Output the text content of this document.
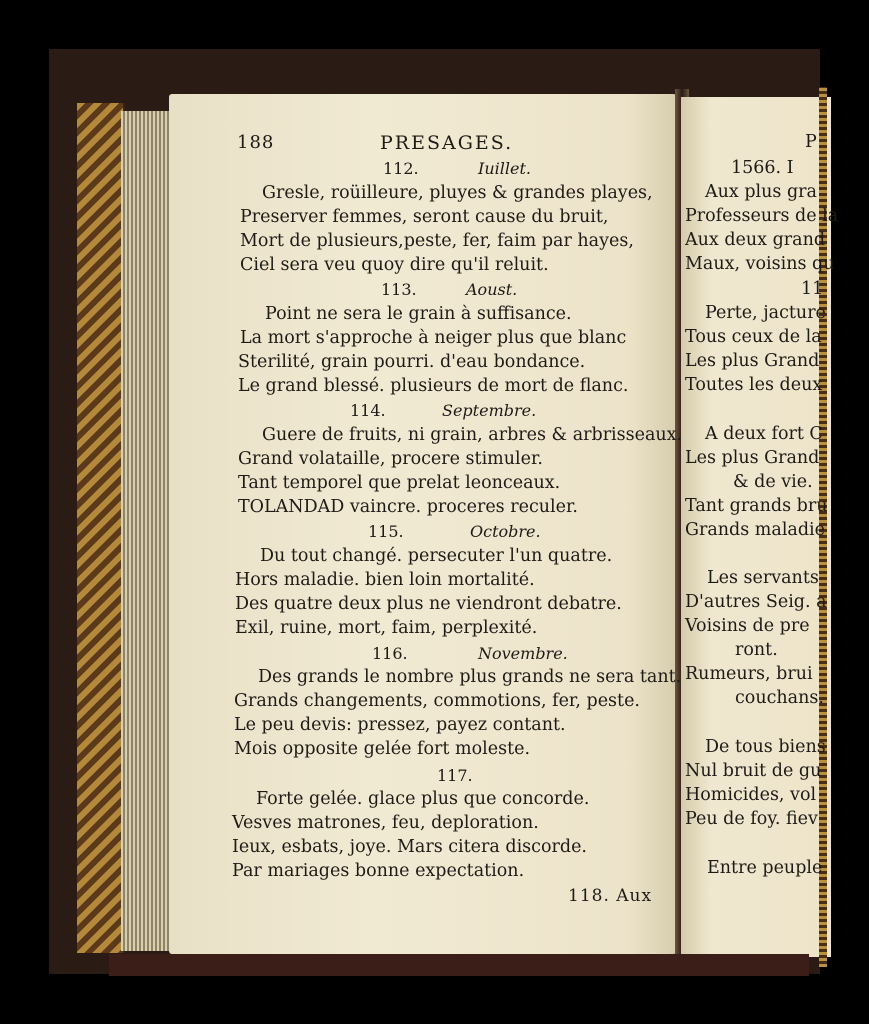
188	PRESAGES.
112.	Iuillet.
Gresle, roüilleure, pluyes & grandes playes,
Preserver femmes, seront cause du bruit,
Mort de plusieurs,peste, fer, faim par hayes,
Ciel sera veu quoy dire qu'il reluit.
113.	Aoust.
Point ne sera le grain à suffisance.
La mort s'approche à neiger plus que blanc
Sterilité, grain pourri. d'eau bondance.
Le grand blessé. plusieurs de mort de flanc.
114.	Septembre.
Guere de fruits, ni grain, arbres & arbrisseaux.
Grand volataille, procere stimuler.
Tant temporel que prelat leonceaux.
TOLANDAD vaincre. proceres reculer.
115.	Octobre.
Du tout changé. persecuter l'un quatre.
Hors maladie. bien loin mortalité.
Des quatre deux plus ne viendront debatre.
Exil, ruine, mort, faim, perplexité.
116.	Novembre.
Des grands le nombre plus grands ne sera tant.
Grands changements, commotions, fer, peste.
Le peu devis: pressez, payez contant.
Mois opposite gelée fort moleste.
117.
Forte gelée. glace plus que concorde.
Vesves matrones, feu, deploration.
Ieux, esbats, joye. Mars citera discorde.
Par mariages bonne expectation.
118. Aux
P
1566. I
Aux plus gra
Professeurs de la
Aux deux grand
Maux, voisins qu
11
Perte, jacture
Tous ceux de la
Les plus Grand
Toutes les deux
A deux fort C
Les plus Grand
& de vie.
Tant grands bru
Grands maladie
Les servants
D'autres Seig. a
Voisins de pre
ront.
Rumeurs, brui
couchans.
De tous biens
Nul bruit de gu
Homicides, vol
Peu de foy. fiev
Entre peuple
